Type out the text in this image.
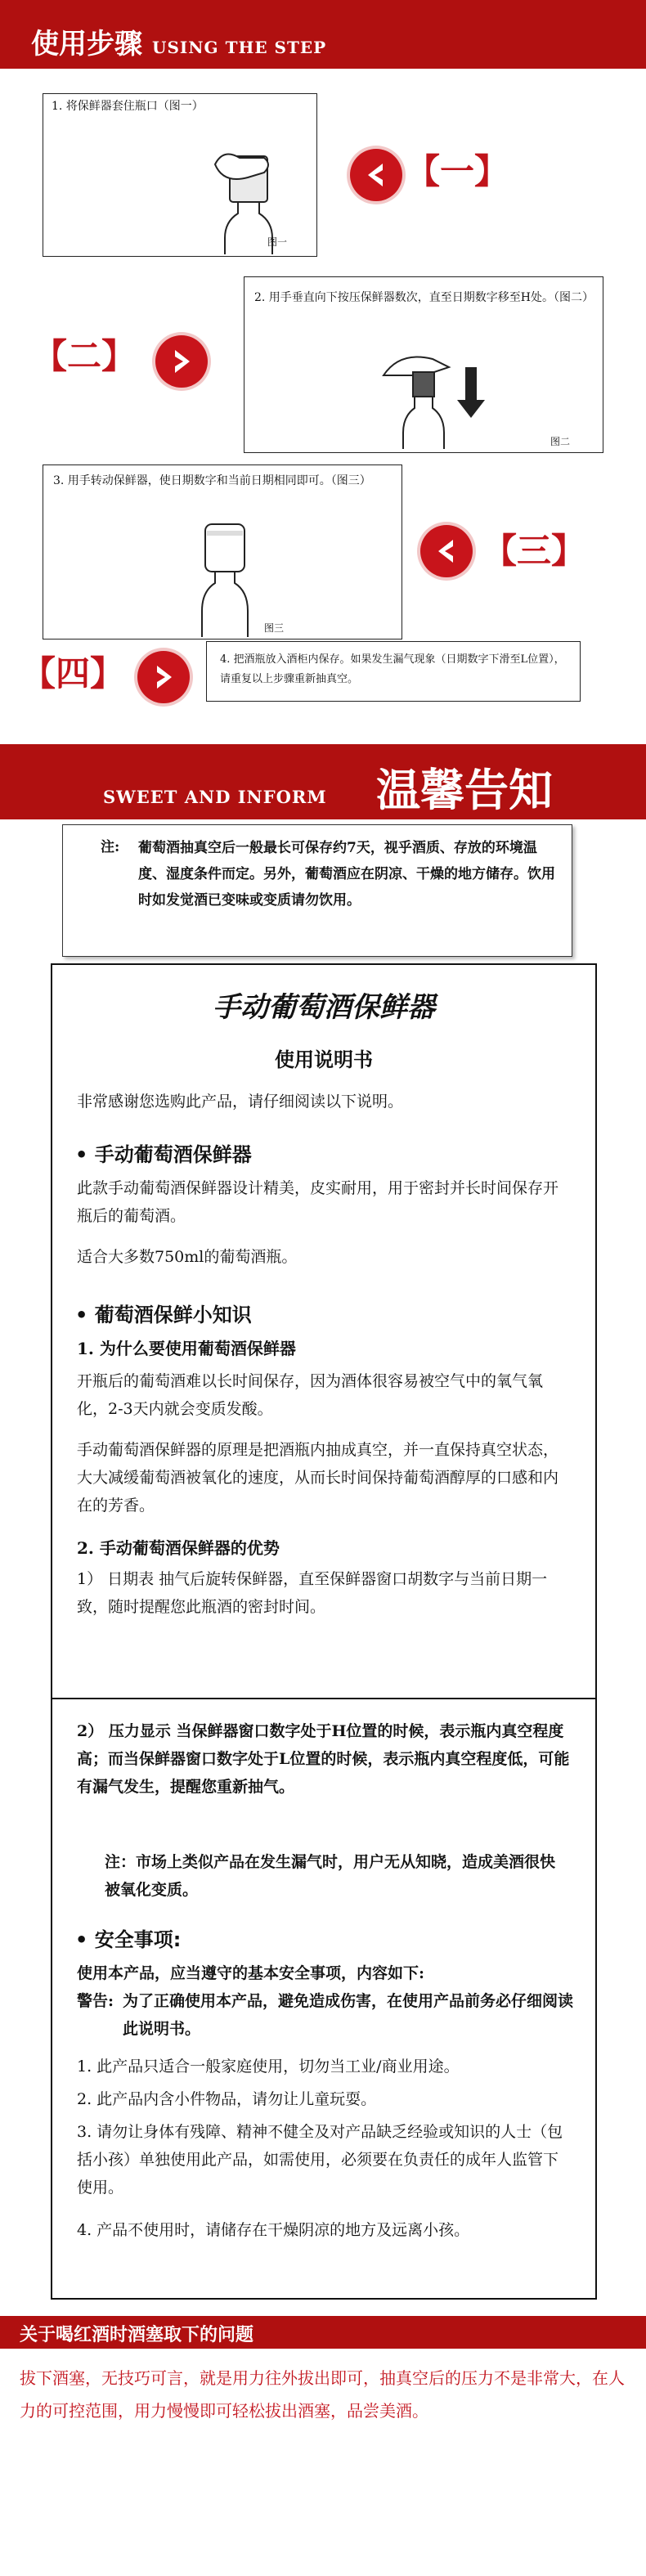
使用步骤 USING THE STEP
1. 将保鲜器套住瓶口（图一）
图一
【一】
2. 用手垂直向下按压保鲜器数次，直至日期数字移至H处。（图二）
图二
【二】
3. 用手转动保鲜器，使日期数字和当前日期相同即可。（图三）
图三
【三】
【四】	4. 把酒瓶放入酒柜内保存。如果发生漏气现象（日期数字下滑至L位置），请重复以上步骤重新抽真空。
SWEET AND INFORM 温馨告知
注: 葡萄酒抽真空后一般最长可保存约7天，视乎酒质、存放的环境温度、湿度条件而定。另外，葡萄酒应在阴凉、干燥的地方储存。饮用时如发觉酒已变味或变质请勿饮用。
手动葡萄酒保鲜器
使用说明书
非常感谢您选购此产品，请仔细阅读以下说明。
• 手动葡萄酒保鲜器
此款手动葡萄酒保鲜器设计精美，皮实耐用，用于密封并长时间保存开瓶后的葡萄酒。
适合大多数750ml的葡萄酒瓶。
• 葡萄酒保鲜小知识
1. 为什么要使用葡萄酒保鲜器
开瓶后的葡萄酒难以长时间保存，因为酒体很容易被空气中的氧气氧化，2-3天内就会变质发酸。
手动葡萄酒保鲜器的原理是把酒瓶内抽成真空，并一直保持真空状态，大大减缓葡萄酒被氧化的速度，从而长时间保持葡萄酒醇厚的口感和内在的芳香。
2. 手动葡萄酒保鲜器的优势
1） 日期表 抽气后旋转保鲜器，直至保鲜器窗口胡数字与当前日期一致，随时提醒您此瓶酒的密封时间。
2） 压力显示 当保鲜器窗口数字处于H位置的时候，表示瓶内真空程度高；而当保鲜器窗口数字处于L位置的时候，表示瓶内真空程度低，可能有漏气发生，提醒您重新抽气。
注：市场上类似产品在发生漏气时，用户无从知晓，造成美酒很快被氧化变质。
• 安全事项:
使用本产品，应当遵守的基本安全事项，内容如下:
警告: 为了正确使用本产品，避免造成伤害，在使用产品前务必仔细阅读此说明书。
1. 此产品只适合一般家庭使用，切勿当工业/商业用途。
2. 此产品内含小件物品，请勿让儿童玩耍。
3. 请勿让身体有残障、精神不健全及对产品缺乏经验或知识的人士（包括小孩）单独使用此产品，如需使用，必须要在负责任的成年人监管下使用。
4. 产品不使用时，请储存在干燥阴凉的地方及远离小孩。
关于喝红酒时酒塞取下的问题
拔下酒塞，无技巧可言，就是用力往外拔出即可，抽真空后的压力不是非常大，在人力的可控范围，用力慢慢即可轻松拔出酒塞，品尝美酒。
